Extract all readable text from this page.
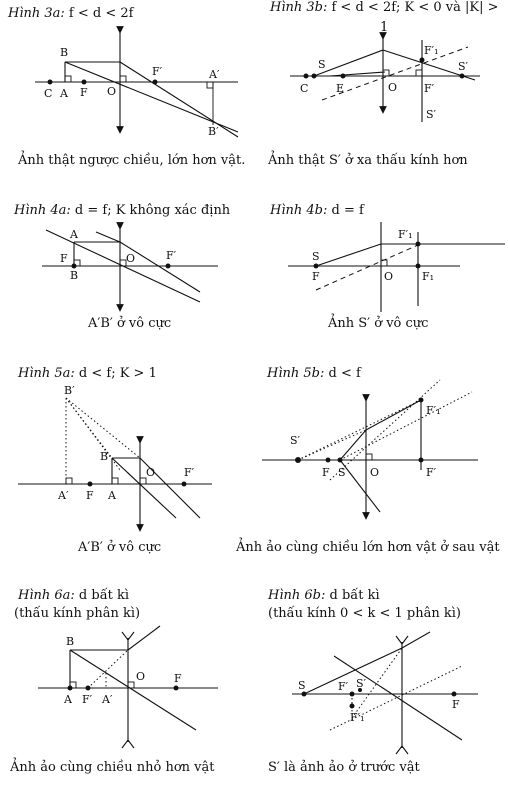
Hình 3a: f < d < 2f	Hình 3b: f < d < 2f; K < 0 và |K| >
1
Ảnh thật ngược chiều, lớn hơn vật. Ảnh thật S′ ở xa thấu kính hơn
Hình 4a: d = f; K không xác định	Hình 4b: d = f
A′B′ ở vô cực	Ảnh S′ ở vô cực
Hình 5a: d < f; K > 1	Hình 5b: d < f
A′B′ ở vô cực	Ảnh ảo cùng chiều lớn hơn vật ở sau vật
Hình 6a: d bất kì
(thấu kính phân kì)
Hình 6b: d bất kì
(thấu kính 0 < k < 1 phân kì)
Ảnh ảo cùng chiều nhỏ hơn vật	S′ là ảnh ảo ở trước vật
B
C A F O
F′	A′
B′
S
C	E	O
F′₁
F′
S′
S′
A
F
B
O	F′	S
F	O
F′₁
F₁
B′
B
A′ F A
O	F′
S′
F S O	F′
F′₁
B
O	F
A F′ A′
S	F′ S′
F′₁
F
